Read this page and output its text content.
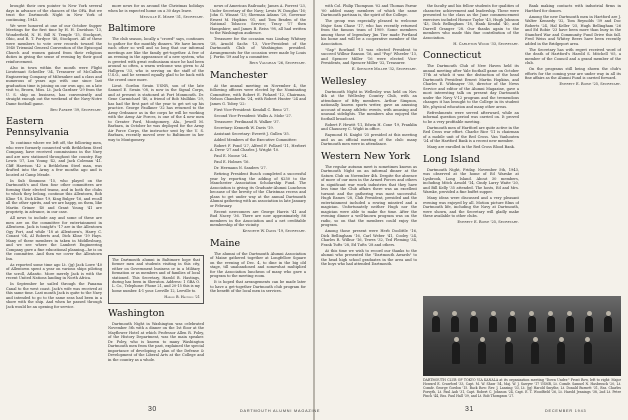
brought their own pointer to New York several days in advance of the chances of the OPA. But we trust the Dartmouth Night in New York of continuing, 1943.

We were honored at one of our October Supper Meetings for the first time by H. H. Davidson '13, Wonderfield, N. H. Bill N. Temple '15, Stockport, Ohio, and R. T. Fordyce '40, Stockport. All of these were members to vote over records toward the 1940 Triennial General Convention of the Episcopal Church and women gained from their religious duties in giving the sense of evening by their good reinforcement.

Also in town within the month were Flight Lieutenant Schedler '34, Treasurer of McCallum Engineering Company of Milwaukee and a class and numerous of years ago with one since last graduation time is joining on our own ago, on a late visit to, Brown, Miss. Lt. Jack Gardner '29 from the U. S. ship on business, has conveniently and straight enough out the weekend of the Navy-Notre Dame football game.

Ben Parker '39, Secretary.

Eastern Pennsylvania

To continue where we left off, the following men, who were formerly connected with Bethlehem Steel Company, have received commissions in the Navy and are now stationed throughout the country. Ray Lewis '37, Lou Young '42, and Jack Coleman '41. Cliff Harrison '42 a Bethlehem Steel man, was drafted into the Army a few months ago and is located at Camp Meade.

In Sub Simmons '15, who played on the Dartmouth's and then four other committees are forming their elected teams, and in both the clubs to which they belong, continue this Allentown, Bob Kline '18, Dick Kline '19, King Bulger '16, and recall all the other spirits, and we are happy, on them, like Martin Grimer '40 and Grant Young '41 are propriety, in advance, in our case.

All news to include any and some of these are men are on the committee for entertainment in Allentown. Jack is tonight's '17 are in the Allentown Ogy Fort, and while '18 at Allentown's, Harry C. Conant '04, Al Roberts and, Dick Kline '19 Hays. Many of these members in taken in Middlesburg, and we see where the Lambert Engineering Company gave a fine educational planning—he is on the committee. And then we cover the Allentown Inn.

As reported some time ago Lt. (jg) Jack Lowe '40 of Allentown spent a year on various ships piloting the scroll, Atlantic. More merely Jack is with the recent United Nations landing in North Africa.

In September he sailed through the Panama Canal to the west coast. Jack's wife was received at this same time. Last month Jack is quite to the Navy and intended to go to the same seas had been in a shore with the ship. And when he passed through Jack would be an opening for service.

more news for us around the Christmas holidays when he is expected home on a 30 days leave.

Melville E. Mixer '31, Secretary.

Baltimore

The club season, locally a "crowd" says, continues to gather for the monthly dinners. We have known each other so well and so long that our informal meetings are like the family get-together. A few of an evening in the appearance of a new system, who is greeted with great enthusiasm since he had been around so often, a warm welcome was given to Al Hallgren '33, who is serving on the staff of the U.S.O., and he seemed equally glad to be back with the crowd once more.

Lieut. Gordon Swain USNR, son of the late Samuel E. Swain '08, is now in the Signal Corps, and at present is stationed at Fort Monmouth. Dr. Gene Carmichael '40, a friend of Bob Mullikin '29, has had the first part of the year to get set up his practice. George Faulkner '32 has returned to the Army Ordnance as in the corps he will be working with the Army Air Forces, is one of the 4 new men to Greater Ford, Montgomery, Ala., Jewell M. Barbara, in October he was deployed for the Army Air Force Corps, the instructor sent by the U. S. Barbara, recently moved over to Baltimore in her way to Montgomery.

The Dartmouth alumni in Baltimore hope that former men and students visiting in this city, either on Government business or in a Military formation or as members and of families of local stationed. This Secretary, Harold B. Hastings, during has been in Sheraton. Address: 1 GBA O. L. Co., Telephone: Phone 21, and 20-15 this is my home number. 4-1 your. Leeville 12, Leeville to.

Harold B. Hastings '21

Washington

Dartmouth Night in Washington was celebrated November 5th with a dinner on the 1st floor at the Mayflower Hotel at which Professor Allen R. Foley, of the History Department, was the main speaker. Dr. Foley, who is known to many Washington Dartmouth men from the past, explained the special importance of developing a plan of the Defense & Development of the Liberal Arts at the College and in the country as a whole.

news of American Railroads; James A. Forrest '23, Under Secretary of the Navy; Lewis W. Douglas '16; John G. Winant '13; Sherman Adams '20, Governor Ernest M. Hopkins '01, and Tom Braden of the National Tobacco Service; Tracy '17 then Hampshire; and James B. Reiss '98, all had written to the Washington audience.

Treasurer for the occasion was Lindsay Whitney '28, Arnold Sachs '13, Vice-President of the Dartmouth Club of Washington presided. Arrangements for the occasion were made by Louis J. Fortin '39 and by a committee.

Rein Vaughan '26, Secretary.

Manchester

At the annual meeting on November 4, the following officers were elected by the Nominating Committee, with Robert E. Pickard '12, Chairman, Nelson Chamberlin '24, with Robert Hunter '24 and James G. Tobey '22:

First Vice-President: Kendall C. Reno '27.

Second Vice-President: Wallis A. Mohr '27.

Treasurer: Ferdinand R. Walker '37.

Secretary: Kenneth W. Davis '19.

Assistant Secretary: Everett J. Gullen '35.

Added Members of the Executive Committee:

Robert F. Pond '27, Alfred F. Pollard '11, Herbert A. Drew '27 and Charles J. Wright '10.

Paul E. Noone '24.

Paul E. Holmes '16.

Dr. Hermann N. Sanders '27.

Retiring President Busch completed a successful year by reporting the adding of $250 to the Manchester Association Scholarship Fund. The Association is giving its Graduate-Alumni Luncheon because of the brevity of the Christmas recess and plans to get under way at the annual Dartmouth Alumni gathering with an association in late January or February.

Recent newcomers are George Harris '41 and Bud Nacey '36. There are now approximately 86 members in the Association and a net creditable membership of the vicinity.

Kenneth W. Davis '19, Secretary.

Maine

The alumni of the Dartmouth Alumni Association of Maine gathered together at Longfellow Square on the evening of Dec. 4, to dine in the big old stage, till unabandoned and somewhat multiplied for the Association luncheon of many who gave a program to the meeting room.

It is hoped that arrangements can be made later to have a get-together Dartmouth club program for the benefit of the local men in services.

30

with Col. Philip Thompson '02 and Thomas Farrar '00 added many members of which the same Dartmouth partisan is, the spirit of the College.

The group was especially pleased to welcome Major Sam Chase '17, who has recently returned from the famous team of 1909. Some members among those of legendary Jim Tier made Portland his home and will be a cooperative member of the Association.

"Gap" Rowland '15 was elected President to succeed Wilbur Ranson '16, and "Pop" Wheeler '13, and Spencer Miller '16 were elected Vice-Presidents, and Spencer Miller '32, Treasurer.

E. Spencer Miller '32, Secretary.

Wellesley

Dartmouth Night in Wellesley was held on Nov. 4th at the Wellesley Country Club, with an attendance of fifty members. Arthur Simpson, nationally known sports writer, gave an amusing account of many athletic events, with amusing and unusual sidelights. The members also enjoyed the football broadcast.

Robert F. Hewitt '11, Edwin H. Cone '19, Franklin and Chauncey C. Wight in office.

Raymond H. Knight '25 presided at this meeting and as an official meeting of the club: many Dartmouth men were in attendance.

Western New York

The regular autumn meet is sometimes known as Dartmouth Night on an informal dinner at the Saturn Club on November 4th. Despite the absence of more of our men in the Armed Forces and others in significant war work industries that they have less time the Club affairs there was an excellent turnout and the gathering was most successful. Hugh Eames '28, Club President, presided and the entertainment included a rowing minstrel and a magician. Unfortunately neither Hugh nor the magician were able to make the time. After the evening dinner a well-known program was on the radio, so on that the members could enjoy the program.

Among those present were Herb Doolittle '16, Dick Bellingham '16, Carl Weber '41, Cooley '24, Charles R. Wilbur '16, Tewes '32, Ted Fleming '34, Frank Tufts '28, Ed Tufts '28 and others.

At this time we wish to record our thanks to the alumni who presented the "Dartmouth Awards" to the head high school graduates in the area and to the boys who had attended Dartmouth.

the faculty and his fellow students for qualities of character, achievement and leadership. These were presented to the class as the June commencement exercises included Horace Taylor '43, Hugh Johnson '43, Dick Bellingham '18, Hank Kendal '40, and Darrell Granger '28. Our thanks again to the members who made this fine contribution of the Association.

H. Carleton Wood '33, Secretary.

Connecticut

The Dartmouth Club of New Haven held its annual meeting after Yale football game on October 17th at which it was the distinction of the head Dartmouth President Ernest Martin Hopkins, and Charles E. Widmayer '30, director of the News Service and editor of the Alumni Magazine, gave a most interesting talk on present day Dartmouth under the Navy V-12 program and the tremendous changes it has brought to the College in its student life, physical education and many other areas.

Refreshments were served afterward, while an informal question period was carried on. It proved to be a very profitable meeting.

Dartmouth men of Hartford are quite active in the Red Cross war effort. Charlie Rice '11 is chairman of a mobile unit of the Red Cross. Van Vanhouten '24 of the Hartford Bank is a recent new member.

Many are enrolled in the Red Cross Blood Bank.

Long Island

Dartmouth Night, Friday, November 5th, 1943, was observed at the home of Ed Warnke at Lynbrook, Long Island. About 30 members, including Mitch Arnold '14, Cindy Larry Waite '20, and Bill Kelly '35 attended. The hosts, Ed and Mrs. Warnke, provided a fine buffet supper.

Many ideas were discussed and a very pleasant evening was enjoyed by all. Motion picture films of Dartmouth life, including the Navy at Dartmouth, were shown, and the Secretary will gladly make these available to other clubs.

Everett E. Rowe '25, Secretary.

Bank making contacts with industrial firms in Hartford for donors.

Among the new Dartmouth men in Hartford are J. Walter Kennedy '32, Tom Reynolds '39 and Doc Roberts '24, Hal Keller '25, Hugh Bellingham '26 and Ed Robie '23 have been more than busy in the Stamford War and Community Fund Drive this fall. Fred Weiss and Whitey Beers have been recently added in the Bridgeport area.

The Secretary has with regret received word of the death of Hartford's Harold S. Mitchell '05, a member of the Council and a grand member of the club.

On the programs still being shown the club's efforts for the coming year are under way in all its fine affairs as the Alumni Fund is carried forward.

Everett E. Rowe '25, Secretary.

DARTMOUTH CLUB OF TOKYO VIA KANALA at its organization meeting "Down Under." Front Row, left to right: Major Howard E. Crawford '33, Capt. M. W. Shaw '34, Maj. W. J. Sawyer '17 USMR, Lt. Comdr. Samuel N. Hasbrouck '20, Lt. Comdr. George Gordon '15. Back Row: Rev. J. Lansing '33, Lt. (jg) Harold Smythe, Lt. Donald Burnett '31, Ens. Charles Forsyth, Lt. Paul Aub '31, Capt. Robert C. Johnson '24, Capt. E. T. Woodfield '26, Lt. Harold Jennings '38, 2nd Lt. Peter Finch '44, Ens. Paul Hall '39, and Lt. Bob Thompson '27.
31	DECEMBER 1943
DARTMOUTH ALUMNI MAGAZINE
